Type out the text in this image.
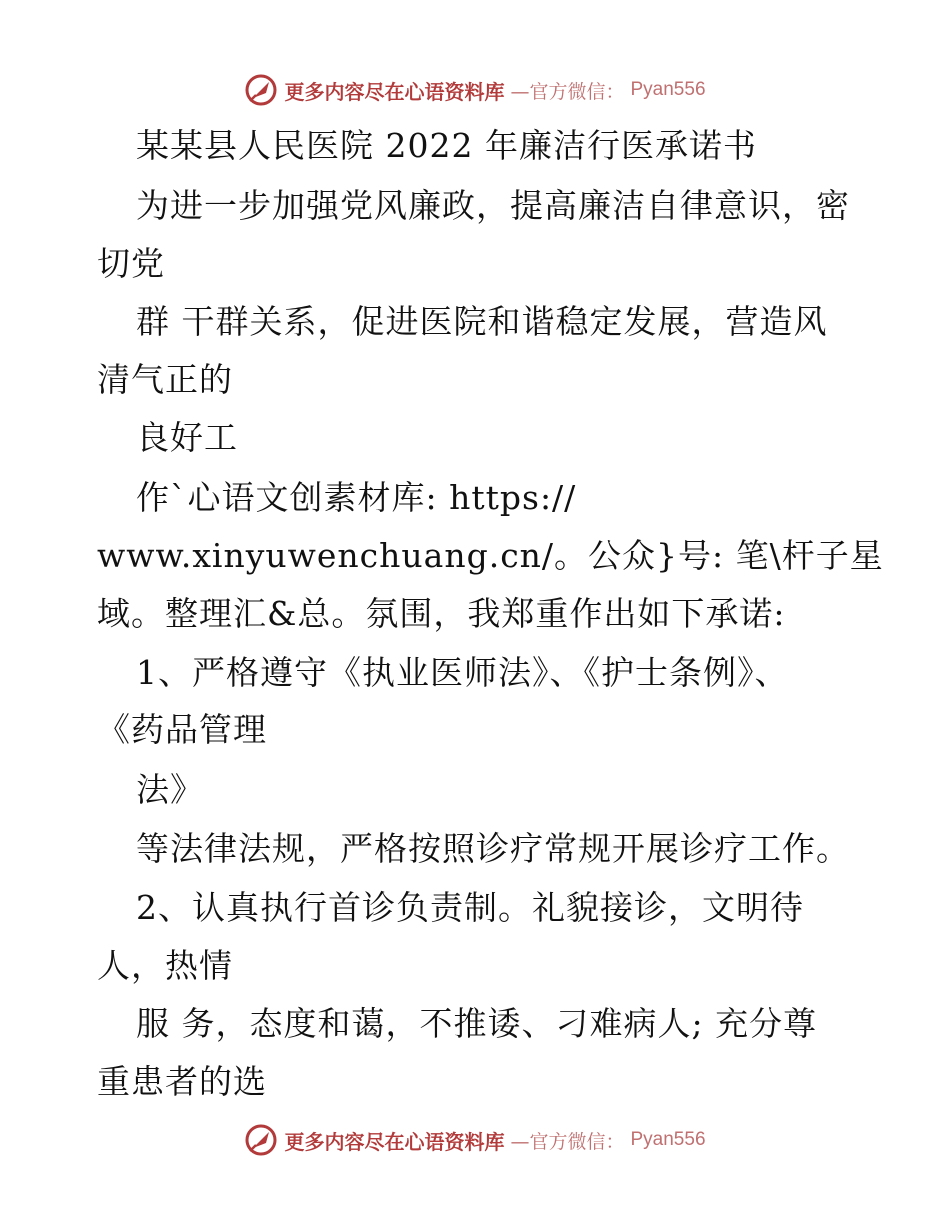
更多内容尽在心语资料库 —官方微信： Pyan556
某某县人民医院 2022 年廉洁行医承诺书
为进一步加强党风廉政，提高廉洁自律意识，密
切党
群 干群关系，促进医院和谐稳定发展，营造风
清气正的
良好工
作`心语文创素材库: https://
www.xinyuwenchuang.cn/。公众}号: 笔\杆子星
域。整理汇&总。氛围，我郑重作出如下承诺:
1、严格遵守《执业医师法》、《护士条例》、
《药品管理
法》
等法律法规，严格按照诊疗常规开展诊疗工作。
2、认真执行首诊负责制。礼貌接诊，文明待
人，热情
服 务，态度和蔼，不推诿、刁难病人; 充分尊
重患者的选
更多内容尽在心语资料库 —官方微信： Pyan556
